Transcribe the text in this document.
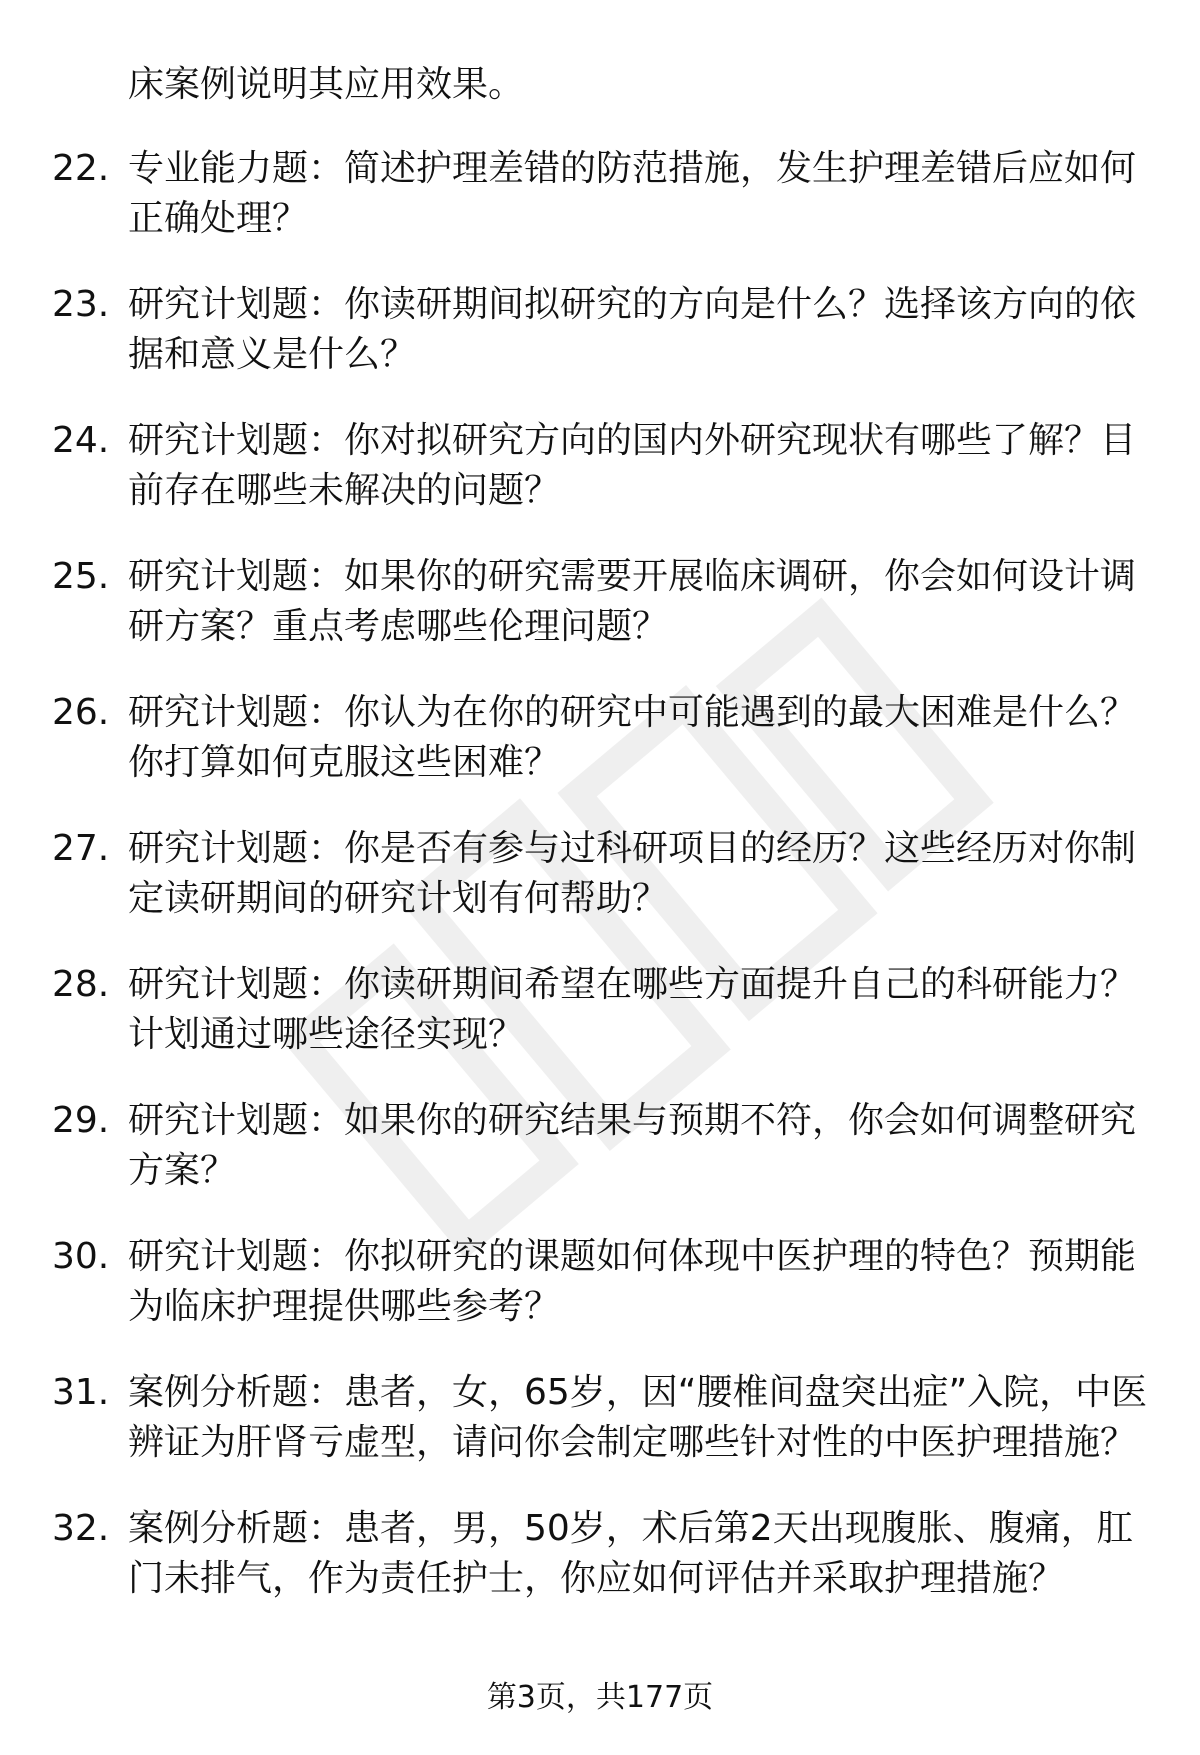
床案例说明其应用效果。
22. 专业能力题：简述护理差错的防范措施，发生护理差错后应如何正确处理？
23. 研究计划题：你读研期间拟研究的方向是什么？选择该方向的依据和意义是什么？
24. 研究计划题：你对拟研究方向的国内外研究现状有哪些了解？目前存在哪些未解决的问题？
25. 研究计划题：如果你的研究需要开展临床调研，你会如何设计调研方案？重点考虑哪些伦理问题？
26. 研究计划题：你认为在你的研究中可能遇到的最大困难是什么？你打算如何克服这些困难？
27. 研究计划题：你是否有参与过科研项目的经历？这些经历对你制定读研期间的研究计划有何帮助？
28. 研究计划题：你读研期间希望在哪些方面提升自己的科研能力？计划通过哪些途径实现？
29. 研究计划题：如果你的研究结果与预期不符，你会如何调整研究方案？
30. 研究计划题：你拟研究的课题如何体现中医护理的特色？预期能为临床护理提供哪些参考？
31. 案例分析题：患者，女，65岁，因“腰椎间盘突出症”入院，中医辨证为肝肾亏虚型，请问你会制定哪些针对性的中医护理措施？
32. 案例分析题：患者，男，50岁，术后第2天出现腹胀、腹痛，肛门未排气，作为责任护士，你应如何评估并采取护理措施？
第3页，共177页
